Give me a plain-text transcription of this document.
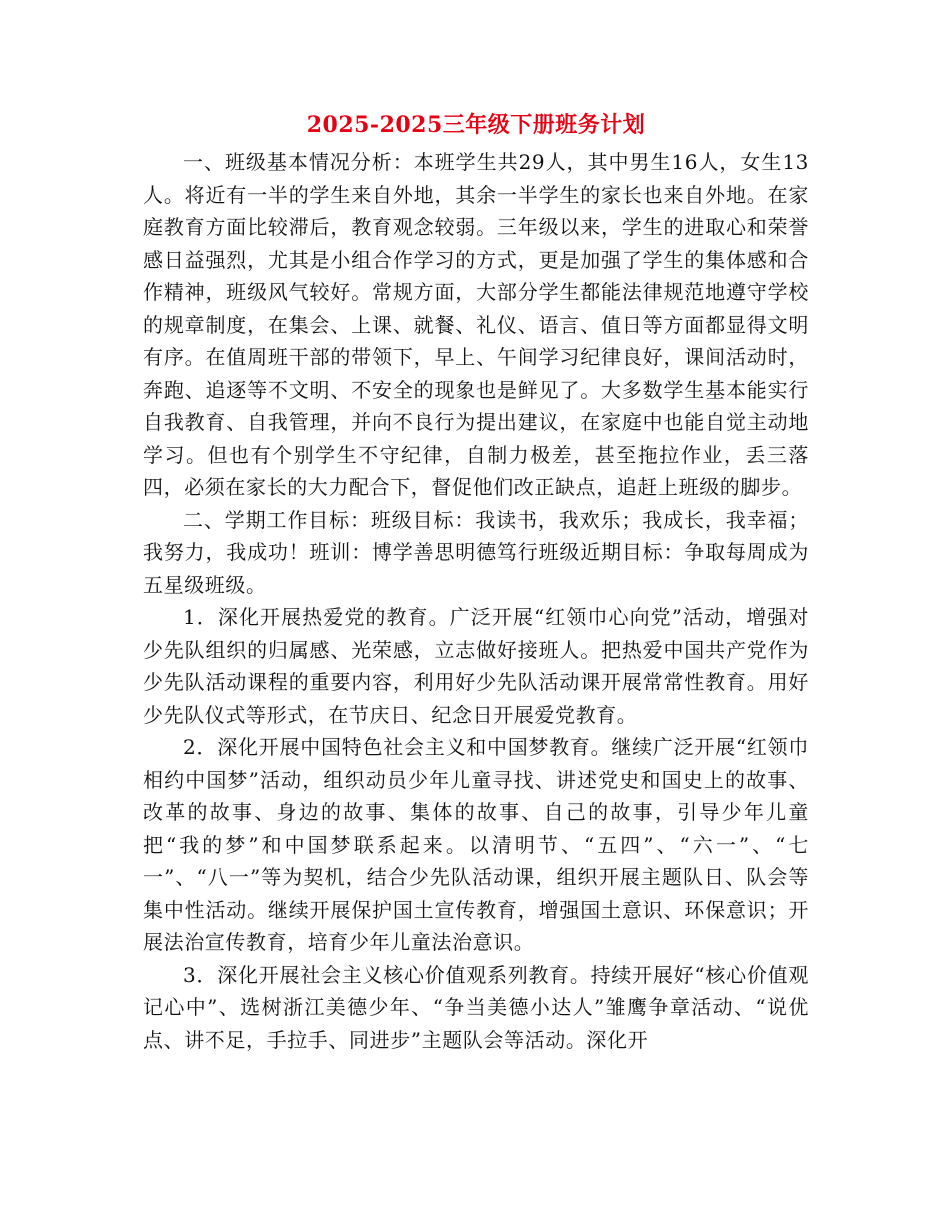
2025-2025三年级下册班务计划

一、班级基本情况分析：本班学生共29人，其中男生16人，女生13人。将近有一半的学生来自外地，其余一半学生的家长也来自外地。在家庭教育方面比较滞后，教育观念较弱。三年级以来，学生的进取心和荣誉感日益强烈，尤其是小组合作学习的方式，更是加强了学生的集体感和合作精神，班级风气较好。常规方面，大部分学生都能法律规范地遵守学校的规章制度，在集会、上课、就餐、礼仪、语言、值日等方面都显得文明有序。在值周班干部的带领下，早上、午间学习纪律良好，课间活动时，奔跑、追逐等不文明、不安全的现象也是鲜见了。大多数学生基本能实行自我教育、自我管理，并向不良行为提出建议，在家庭中也能自觉主动地学习。但也有个别学生不守纪律，自制力极差，甚至拖拉作业，丢三落四，必须在家长的大力配合下，督促他们改正缺点，追赶上班级的脚步。

二、学期工作目标：班级目标：我读书，我欢乐；我成长，我幸福；我努力，我成功！班训：博学善思明德笃行班级近期目标：争取每周成为五星级班级。

1．深化开展热爱党的教育。广泛开展“红领巾心向党”活动，增强对少先队组织的归属感、光荣感，立志做好接班人。把热爱中国共产党作为少先队活动课程的重要内容，利用好少先队活动课开展常常性教育。用好少先队仪式等形式，在节庆日、纪念日开展爱党教育。

2．深化开展中国特色社会主义和中国梦教育。继续广泛开展“红领巾相约中国梦”活动，组织动员少年儿童寻找、讲述党史和国史上的故事、改革的故事、身边的故事、集体的故事、自己的故事，引导少年儿童把“我的梦”和中国梦联系起来。以清明节、“五四”、“六一”、“七一”、“八一”等为契机，结合少先队活动课，组织开展主题队日、队会等集中性活动。继续开展保护国土宣传教育，增强国土意识、环保意识；开展法治宣传教育，培育少年儿童法治意识。

3．深化开展社会主义核心价值观系列教育。持续开展好“核心价值观记心中”、选树浙江美德少年、“争当美德小达人”雏鹰争章活动、“说优点、讲不足，手拉手、同进步”主题队会等活动。深化开
